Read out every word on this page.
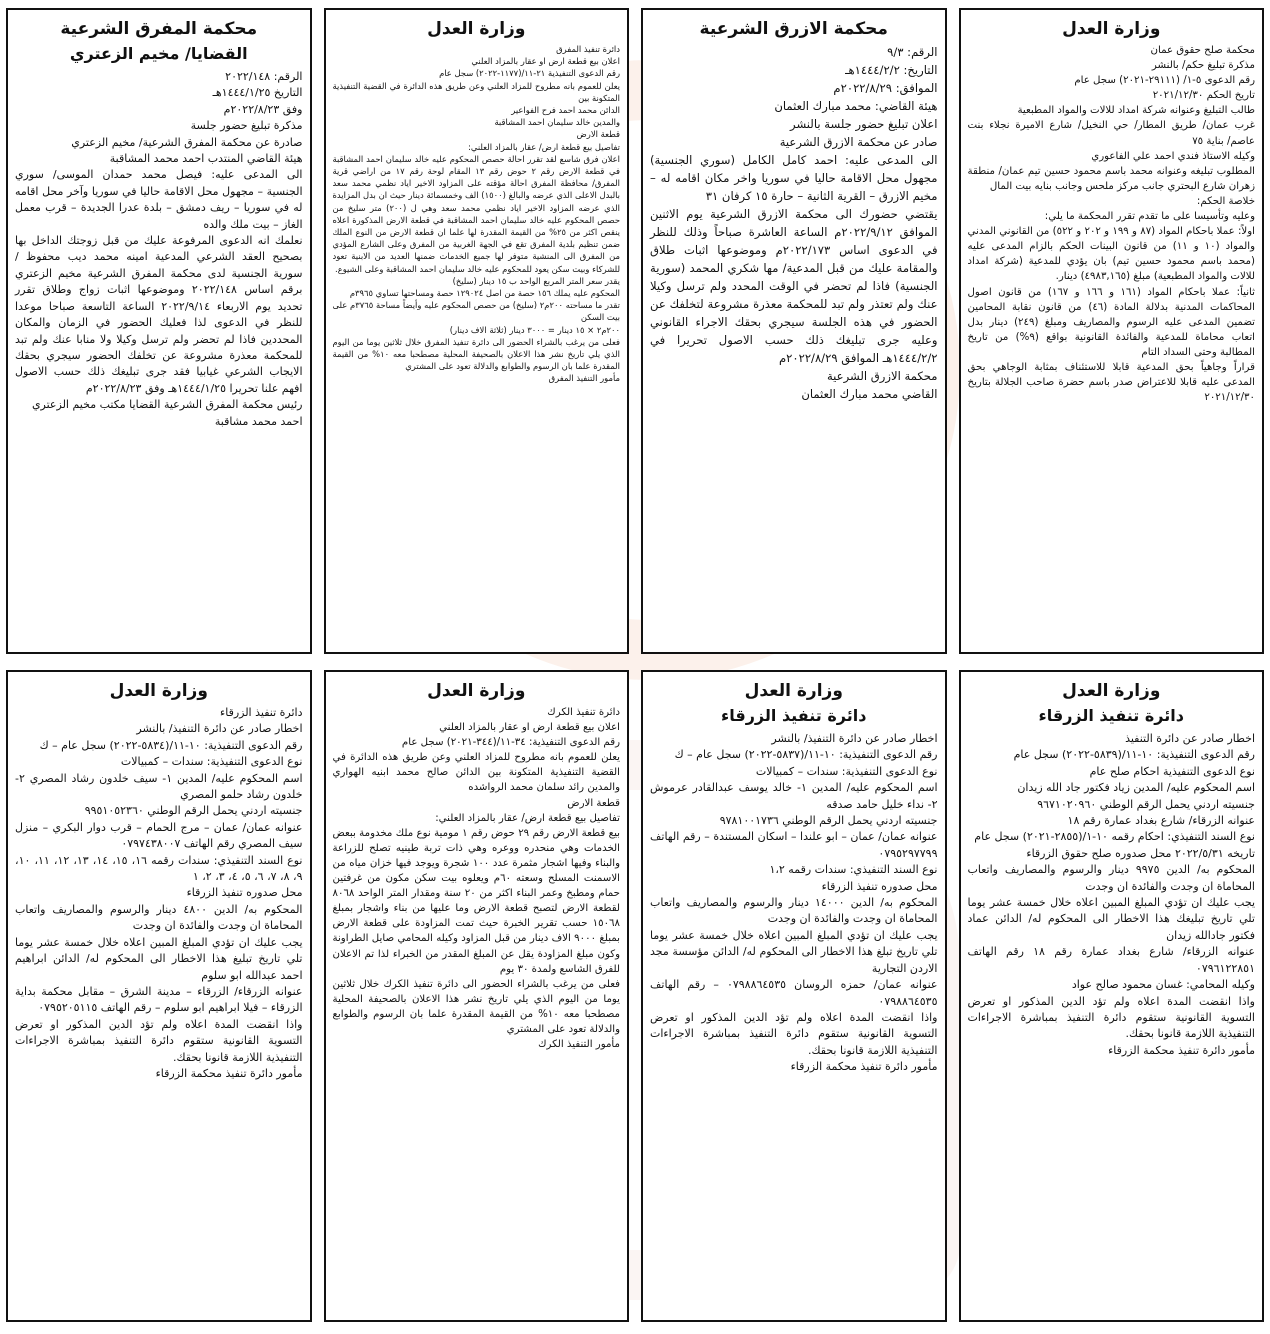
وزارة العدل

محكمة صلح حقوق عمان

مذكرة تبليغ حكم/ بالنشر

رقم الدعوى ٥-١/ (٢٩١١١-٢٠٢١) سجل عام

تاريخ الحكم ٢٠٢١/١٢/٣٠

طالب التبليغ وعنوانه شركة امداد للالات والمواد المطبعية

غرب عمان/ طريق المطار/ حي النخيل/ شارع الاميرة نجلاء بنت عاصم/ بناية ٧٥

وكيله الاستاذ فندي احمد علي الفاعوري

المطلوب تبليغه وعنوانه محمد باسم محمود حسين تيم عمان/ منطقة زهران شارع البحتري جانب مركز ملحس وجانب بنايه بيت المال

خلاصة الحكم:

وعليه وتأسيسا على ما تقدم تقرر المحكمة ما يلي:

اولاً: عملا باحكام المواد (٨٧ و ١٩٩ و ٢٠٢ و ٥٢٢) من القانوني المدني والمواد (١٠ و ١١) من قانون البينات الحكم بالزام المدعى عليه (محمد باسم محمود حسين تيم) بان يؤدي للمدعية (شركة امداد للالات والمواد المطبعية) مبلغ (٤٩٨٣,١٦٥) دينار.

ثانياً: عملا باحكام المواد (١٦١ و ١٦٦ و ١٦٧) من قانون اصول المحاكمات المدنية بدلالة المادة (٤٦) من قانون نقابة المحامين تضمين المدعى عليه الرسوم والمصاريف ومبلغ (٢٤٩) دينار بدل اتعاب محاماة للمدعية والفائدة القانونية بواقع (٩%) من تاريخ المطالبة وحتى السداد التام

قراراً وجاهياً بحق المدعية قابلا للاستئناف بمثابة الوجاهي بحق المدعى عليه قابلا للاعتراض صدر باسم حضرة صاحب الجلالة بتاريخ ٢٠٢١/١٢/٣٠

محكمة الازرق الشرعية

الرقم: ٩/٣

التاريخ: ١٤٤٤/٢/٢هـ

الموافق: ٢٠٢٢/٨/٢٩م

هيئة القاضي: محمد مبارك العثمان

اعلان تبليغ حضور جلسة بالنشر

صادر عن محكمة الازرق الشرعية

الى المدعى عليه: احمد كامل الكامل (سوري الجنسية) مجهول محل الاقامة حاليا في سوريا واخر مكان اقامه له – مخيم الازرق – القرية الثانية – حارة ١٥ كرفان ٣١

يقتضي حضورك الى محكمة الازرق الشرعية يوم الاثنين الموافق ٢٠٢٢/٩/١٢م الساعة العاشرة صباحاً وذلك للنظر في الدعوى اساس ٢٠٢٢/١٧٣م وموضوعها اثبات طلاق والمقامة عليك من قبل المدعية/ مها شكري المحمد (سورية الجنسية) فاذا لم تحضر في الوقت المحدد ولم ترسل وكيلا عنك ولم تعتذر ولم تبد للمحكمة معذرة مشروعة لتخلفك عن الحضور في هذه الجلسة سيجري بحقك الاجراء القانوني وعليه جرى تبليغك ذلك حسب الاصول تحريرا في ١٤٤٤/٢/٢هـ الموافق ٢٠٢٢/٨/٢٩م

محكمة الازرق الشرعية

القاضي محمد مبارك العثمان

وزارة العدل

دائرة تنفيذ المفرق

اعلان بيع قطعة ارض او عقار بالمزاد العلني

رقم الدعوى التنفيذية ٢١-١١/(١١٧٧-٢٠٢٢) سجل عام

يعلن للعموم بانه مطروح للمزاد العلني وعن طريق هذه الدائرة في القضية التنفيذية المتكونة بين

الدائن محمد احمد فرح الفواعير

والمدين خالد سليمان احمد المشاقبة

قطعة الارض

تفاصيل بيع قطعة ارض/ عقار بالمزاد العلني:

اعلان فرق شاسع لقد تقرر احالة حصص المحكوم عليه خالد سليمان احمد المشاقبة في قطعة الارض رقم ٢ حوض رقم ١٣ المقام لوحة رقم ١٧ من اراضي قرية المفرق/ محافظة المفرق احالة مؤقته على المزاود الاخير اياد نظمي محمد سعد بالبدل الاعلى الذي عرضه والبالغ (١٥٠٠) الف وخمسمائة دينار حيث ان بدل المزايدة الذي عرضه المزاود الاخير اياد نظمي محمد سعد وهي ل (٢٠٠) متر سليخ من حصص المحكوم عليه خالد سليمان احمد المشاقبة في قطعة الارض المذكورة اعلاه ينقص اكثر من ٢٥% من القيمة المقدرة لها علما ان قطعة الارض من النوع الملك ضمن تنظيم بلدية المفرق تقع في الجهة الغربية من المفرق وعلى الشارع المؤدي من المفرق الى المنشية متوفر لها جميع الخدمات ضمنها العديد من الابنية تعود للشركاء وبيت سكن يعود للمحكوم عليه خالد سليمان احمد المشاقبة وعلى الشيوع.

يقدر سعر المتر المربع الواحد ب ١٥ دينار (سليخ)

المحكوم عليه يملك ١٥٦ حصة من اصل ١٢٩٠٢٤ حصة ومساحتها تساوي ٣٩٦٥م

تقدر ما مساحته ٢٠٠م٢ (سليخ) من حصص المحكوم عليه وأيضاً مساحة ٣٧٦٥م على بيت السكن

٢٠٠م٢ × ١٥ دينار = ٣٠٠٠ دينار (ثلاثة الاف دينار)

فعلى من يرغب بالشراء الحضور الى دائرة تنفيذ المفرق خلال ثلاثين يوما من اليوم الذي يلي تاريخ نشر هذا الاعلان بالصحيفة المحلية مصطحبا معه ١٠% من القيمة المقدرة علما بان الرسوم والطوابع والدلالة تعود على المشتري

مأمور التنفيذ المفرق

محكمة المفرق الشرعية
القضايا/ مخيم الزعتري

الرقم: ٢٠٢٢/١٤٨

التاريخ ١٤٤٤/١/٢٥هـ

وفق ٢٠٢٢/٨/٢٣م

مذكرة تبليغ حضور جلسة

صادرة عن محكمة المفرق الشرعية/ مخيم الزعتري

هيئة القاضي المنتدب احمد محمد المشاقبة

الى المدعى عليه: فيصل محمد حمدان الموسى/ سوري الجنسية – مجهول محل الاقامة حاليا في سوريا وآخر محل اقامه له في سوريا – ريف دمشق – بلدة عدرا الجديدة – قرب معمل الغاز – بيت ملك والده

نعلمك انه الدعوى المرفوعة عليك من قبل زوجتك الداخل بها بصحيح العقد الشرعي المدعية امينه محمد ديب محفوظ / سورية الجنسية لدى محكمة المفرق الشرعية مخيم الزعتري برقم اساس ٢٠٢٢/١٤٨ وموضوعها اثبات زواج وطلاق تقرر تحديد يوم الاربعاء ٢٠٢٢/٩/١٤ الساعة التاسعة صباحا موعدا للنظر في الدعوى لذا فعليك الحضور في الزمان والمكان المحددين فاذا لم تحضر ولم ترسل وكيلا ولا منابا عنك ولم تبد للمحكمة معذرة مشروعة عن تخلفك الحضور سيجري بحقك الايجاب الشرعي غيابيا فقد جرى تبليغك ذلك حسب الاصول افهم علنا تحريرا ١٤٤٤/١/٢٥هـ وفق ٢٠٢٢/٨/٢٣م

رئيس محكمة المفرق الشرعية القضايا مكتب مخيم الزعتري

احمد محمد مشاقبة

وزارة العدل
دائرة تنفيذ الزرقاء

اخطار صادر عن دائرة التنفيذ

رقم الدعوى التنفيذية: ١٠-١١/(٥٨٣٩-٢٠٢٢) سجل عام

نوع الدعوى التنفيذية احكام صلح عام

اسم المحكوم عليه/ المدين زياد فكتور جاد الله زيدان

جنسيته اردني يحمل الرقم الوطني ٩٦٧١٠٢٠٩٦٠

عنوانه الزرقاء/ شارع بغداد عمارة رقم ١٨

نوع السند التنفيذي: احكام رقمه ١٠-١/(٢٨٥٥-٢٠٢١) سجل عام

تاريخه ٢٠٢٢/٥/٣١ محل صدوره صلح حقوق الزرقاء

المحكوم به/ الدين ٩٩٧٥ دينار والرسوم والمصاريف واتعاب المحاماة ان وجدت والفائدة ان وجدت

يجب عليك ان تؤدي المبلغ المبين اعلاه خلال خمسة عشر يوما تلي تاريخ تبليغك هذا الاخطار الى المحكوم له/ الدائن عماد فكتور جادالله زيدان

عنوانه الزرقاء/ شارع بغداد عمارة رقم ١٨ رقم الهاتف ٠٧٩٦١٢٢٨٥١

وكيله المحامي: غسان محمود صالح عواد

واذا انقضت المدة اعلاه ولم تؤد الدين المذكور او تعرض التسوية القانونية ستقوم دائرة التنفيذ بمباشرة الاجراءات التنفيذية اللازمة قانونا بحقك.

مأمور دائرة تنفيذ محكمة الزرقاء

وزارة العدل
دائرة تنفيذ الزرقاء

اخطار صادر عن دائرة التنفيذ/ بالنشر

رقم الدعوى التنفيذية: ١٠-١١/(٥٨٣٧-٢٠٢٢) سجل عام – ك

نوع الدعوى التنفيذية: سندات – كمبيالات

اسم المحكوم عليه/ المدين ١- خالد يوسف عبدالقادر عرموش ٢- نداء خليل حامد صدقه

جنسيته اردني يحمل الرقم الوطني ٩٧٨١٠٠١٧٣٦

عنوانه عمان/ عمان – ابو علندا – اسكان المستندة – رقم الهاتف ٠٧٩٥٢٩٧٧٩٩

نوع السند التنفيذي: سندات رقمه ١،٢

محل صدوره تنفيذ الزرقاء

المحكوم به/ الدين ١٤٠٠٠ دينار والرسوم والمصاريف واتعاب المحاماة ان وجدت والفائدة ان وجدت

يجب عليك ان تؤدي المبلغ المبين اعلاه خلال خمسة عشر يوما تلي تاريخ تبلغ هذا الاخطار الى المحكوم له/ الدائن مؤسسة مجد الاردن التجارية

عنوانه عمان/ حمزه الروسان ٠٧٩٨٨٦٤٥٣٥ – رقم الهاتف ٠٧٩٨٨٦٤٥٣٥

واذا انقضت المدة اعلاه ولم تؤد الدين المذكور او تعرض التسوية القانونية ستقوم دائرة التنفيذ بمباشرة الاجراءات التنفيذية اللازمة قانونا بحقك.

مأمور دائرة تنفيذ محكمة الزرقاء

وزارة العدل

دائرة تنفيذ الكرك

اعلان بيع قطعة ارض او عقار بالمزاد العلني

رقم الدعوى التنفيذية: ٣٤-١١/(٣٤٤-٢٠٢١) سجل عام

يعلن للعموم بانه مطروح للمزاد العلني وعن طريق هذه الدائرة في القضية التنفيذية المتكونة بين الدائن صالح محمد ابنيه الهواري والمدين رائد سلمان محمد الرواشده

قطعة الارض

تفاصيل بيع قطعة ارض/ عقار بالمزاد العلني:

بيع قطعة الارض رقم ٢٩ حوض رقم ١ مومية نوع ملك مخدومة ببعض الخدمات وهي منحدره ووعره وهي ذات تربة طينيه تصلح للزراعة والبناء وفيها اشجار مثمرة عدد ١٠٠ شجرة ويوجد فيها خزان مياه من الاسمنت المسلح وسعته ٦٠م ويعلوه بيت سكن مكون من غرفتين حمام ومطبخ وعمر البناء اكثر من ٢٠ سنة ومقدار المتر الواحد ٨٠٦٨ لقطعة الارض لتصبح قطعة الارض وما عليها من بناء واشجار بمبلغ ١٥٠٦٨ حسب تقرير الخبرة حيث تمت المزاودة على قطعة الارض بمبلغ ٩٠٠٠ الاف دينار من قبل المزاود وكيله المحامي صايل الطراونة وكون مبلغ المزاودة يقل عن المبلغ المقدر من الخبراء لذا تم الاعلان للفرق الشاسع ولمدة ٣٠ يوم

فعلى من يرغب بالشراء الحضور الى دائرة تنفيذ الكرك خلال ثلاثين يوما من اليوم الذي يلي تاريخ نشر هذا الاعلان بالصحيفة المحلية مصطحبا معه ١٠% من القيمة المقدرة علما بان الرسوم والطوابع والدلالة تعود على المشتري

مأمور التنفيذ الكرك

وزارة العدل

دائرة تنفيذ الزرقاء

اخطار صادر عن دائرة التنفيذ/ بالنشر

رقم الدعوى التنفيذية: ١٠-١١/(٥٨٣٤-٢٠٢٢) سجل عام – ك

نوع الدعوى التنفيذية: سندات – كمبيالات

اسم المحكوم عليه/ المدين ١- سيف خلدون رشاد المصري ٢- خلدون رشاد حلمو المصري

جنسيته اردني يحمل الرقم الوطني ٩٩٥١٠٥٢٣٦٠

عنوانه عمان/ عمان – مرج الحمام – قرب دوار البكري – منزل سيف المصري رقم الهاتف ٠٧٩٧٤٣٨٠٠٧

نوع السند التنفيذي: سندات رقمه ١٦، ١٥، ١٤، ١٣، ١٢، ١١، ١٠، ٩، ٨، ٧، ٦، ٥، ٤، ٣، ٢، ١

محل صدوره تنفيذ الزرقاء

المحكوم به/ الدين ٤٨٠٠ دينار والرسوم والمصاريف واتعاب المحاماة ان وجدت والفائدة ان وجدت

يجب عليك ان تؤدي المبلغ المبين اعلاه خلال خمسة عشر يوما تلي تاريخ تبليغ هذا الاخطار الى المحكوم له/ الدائن ابراهيم احمد عبدالله ابو سلوم

عنوانه الزرقاء/ الزرقاء – مدينة الشرق – مقابل محكمة بداية الزرقاء – فيلا ابراهيم ابو سلوم – رقم الهاتف ٠٧٩٥٢٠٥١١٥

واذا انقضت المدة اعلاه ولم تؤد الدين المذكور او تعرض التسوية القانونية ستقوم دائرة التنفيذ بمباشرة الاجراءات التنفيذية اللازمة قانونا بحقك.

مأمور دائرة تنفيذ محكمة الزرقاء
